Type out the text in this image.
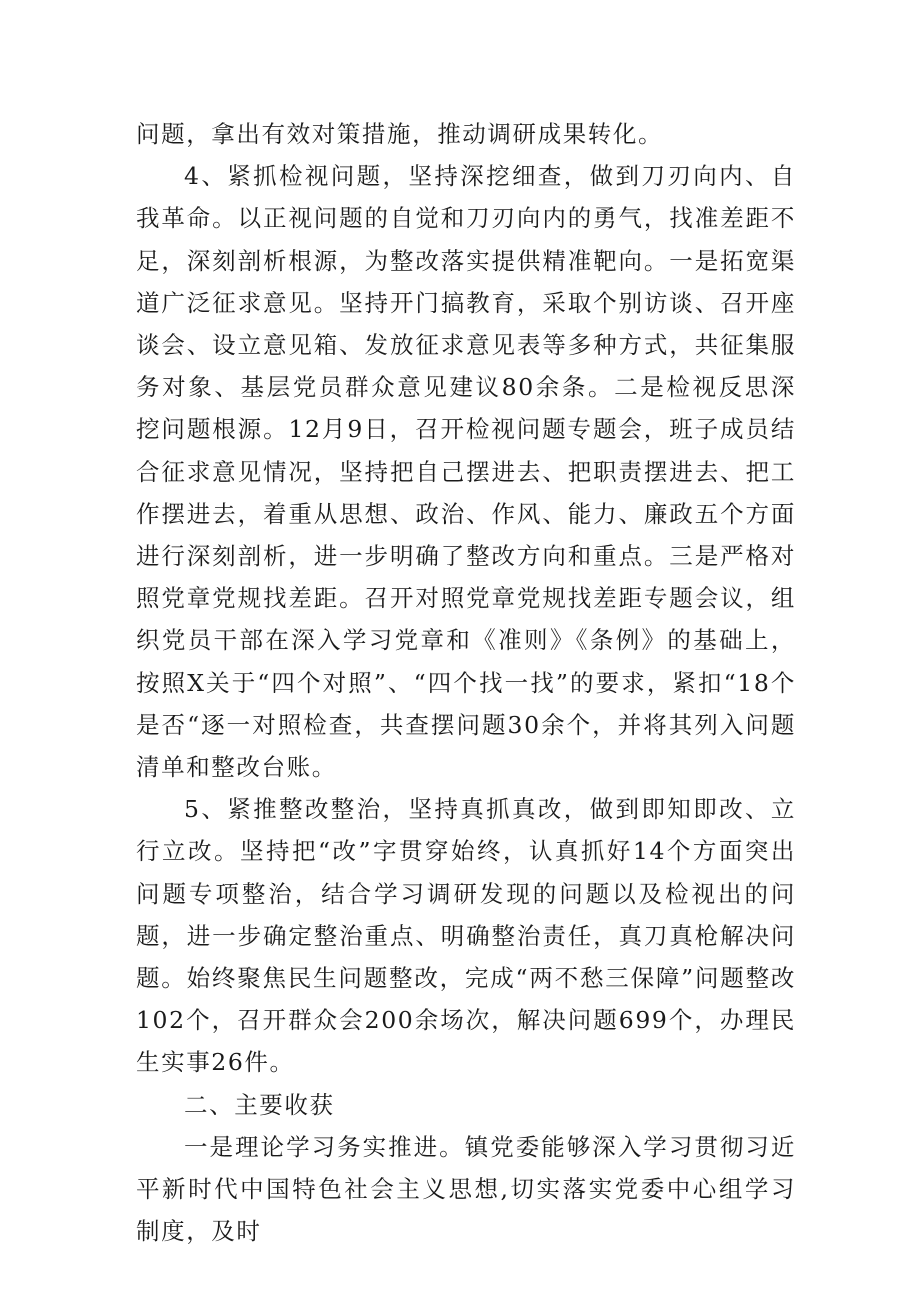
问题，拿出有效对策措施，推动调研成果转化。

4、紧抓检视问题，坚持深挖细查，做到刀刃向内、自我革命。以正视问题的自觉和刀刃向内的勇气，找准差距不足，深刻剖析根源，为整改落实提供精准靶向。一是拓宽渠道广泛征求意见。坚持开门搞教育，采取个别访谈、召开座谈会、设立意见箱、发放征求意见表等多种方式，共征集服务对象、基层党员群众意见建议80余条。二是检视反思深挖问题根源。12月9日，召开检视问题专题会，班子成员结合征求意见情况，坚持把自己摆进去、把职责摆进去、把工作摆进去，着重从思想、政治、作风、能力、廉政五个方面进行深刻剖析，进一步明确了整改方向和重点。三是严格对照党章党规找差距。召开对照党章党规找差距专题会议，组织党员干部在深入学习党章和《准则》《条例》的基础上，按照X关于“四个对照”、“四个找一找”的要求，紧扣“18个是否“逐一对照检查，共查摆问题30余个，并将其列入问题清单和整改台账。

5、紧推整改整治，坚持真抓真改，做到即知即改、立行立改。坚持把“改”字贯穿始终，认真抓好14个方面突出问题专项整治，结合学习调研发现的问题以及检视出的问题，进一步确定整治重点、明确整治责任，真刀真枪解决问题。始终聚焦民生问题整改，完成“两不愁三保障”问题整改102个，召开群众会200余场次，解决问题699个，办理民生实事26件。

二、主要收获

一是理论学习务实推进。镇党委能够深入学习贯彻习近平新时代中国特色社会主义思想,切实落实党委中心组学习制度，及时
